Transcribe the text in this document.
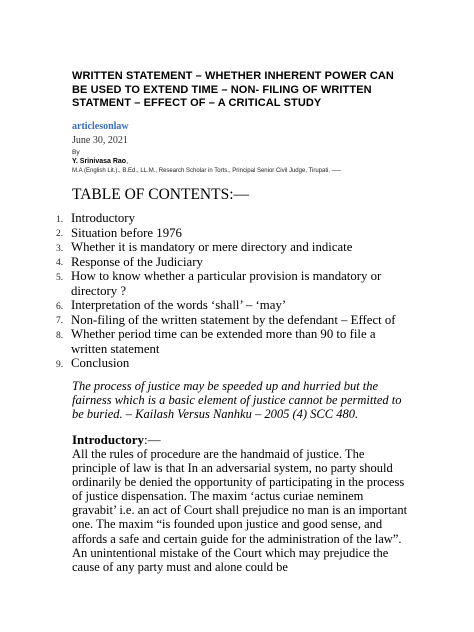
WRITTEN STATEMENT – WHETHER INHERENT POWER CAN BE USED TO EXTEND TIME – NON- FILING OF WRITTEN STATMENT – EFFECT OF – A CRITICAL STUDY
articlesonlaw
June 30, 2021
By
Y. Srinivasa Rao,
M.A (English Lit.)., B.Ed., LL.M., Research Scholar in Torts., Principal Senior Civil Judge, Tirupati. —–
TABLE OF CONTENTS:—
1. Introductory
2. Situation before 1976
3. Whether it is mandatory or mere directory and indicate
4. Response of the Judiciary
5. How to know whether a particular provision is mandatory or directory ?
6. Interpretation of the words ‘shall’ – ‘may’
7. Non-filing of the written statement by the defendant – Effect of
8. Whether period time can be extended more than 90 to file a written statement
9. Conclusion

The process of justice may be speeded up and hurried but the fairness which is a basic element of justice cannot be permitted to be buried. – Kailash Versus Nanhku – 2005 (4) SCC 480.

Introductory:—

All the rules of procedure are the handmaid of justice. The principle of law is that In an adversarial system, no party should ordinarily be denied the opportunity of participating in the process of justice dispensation. The maxim ‘actus curiae neminem gravabit’ i.e. an act of Court shall prejudice no man is an important one. The maxim “is founded upon justice and good sense, and affords a safe and certain guide for the administration of the law”. An unintentional mistake of the Court which may prejudice the cause of any party must and alone could be
